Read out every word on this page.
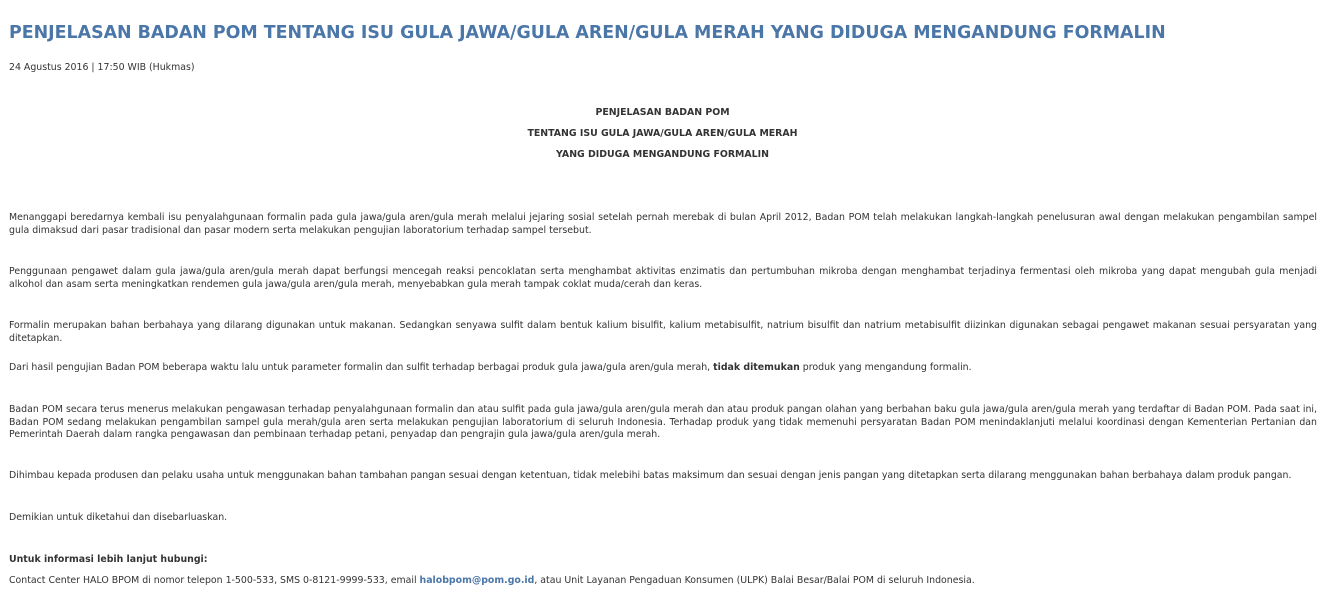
PENJELASAN BADAN POM TENTANG ISU GULA JAWA/GULA AREN/GULA MERAH YANG DIDUGA MENGANDUNG FORMALIN
24 Agustus 2016 | 17:50 WIB (Hukmas)
PENJELASAN BADAN POM
TENTANG ISU GULA JAWA/GULA AREN/GULA MERAH
YANG DIDUGA MENGANDUNG FORMALIN

Menanggapi beredarnya kembali isu penyalahgunaan formalin pada gula jawa/gula aren/gula merah melalui jejaring sosial setelah pernah merebak di bulan April 2012, Badan POM telah melakukan langkah-langkah penelusuran awal dengan melakukan pengambilan sampel gula dimaksud dari pasar tradisional dan pasar modern serta melakukan pengujian laboratorium terhadap sampel tersebut.

Penggunaan pengawet dalam gula jawa/gula aren/gula merah dapat berfungsi mencegah reaksi pencoklatan serta menghambat aktivitas enzimatis dan pertumbuhan mikroba dengan menghambat terjadinya fermentasi oleh mikroba yang dapat mengubah gula menjadi alkohol dan asam serta meningkatkan rendemen gula jawa/gula aren/gula merah, menyebabkan gula merah tampak coklat muda/cerah dan keras.

Formalin merupakan bahan berbahaya yang dilarang digunakan untuk makanan. Sedangkan senyawa sulfit dalam bentuk kalium bisulfit, kalium metabisulfit, natrium bisulfit dan natrium metabisulfit diizinkan digunakan sebagai pengawet makanan sesuai persyaratan yang ditetapkan.

Dari hasil pengujian Badan POM beberapa waktu lalu untuk parameter formalin dan sulfit terhadap berbagai produk gula jawa/gula aren/gula merah, tidak ditemukan produk yang mengandung formalin.

Badan POM secara terus menerus melakukan pengawasan terhadap penyalahgunaan formalin dan atau sulfit pada gula jawa/gula aren/gula merah dan atau produk pangan olahan yang berbahan baku gula jawa/gula aren/gula merah yang terdaftar di Badan POM. Pada saat ini, Badan POM sedang melakukan pengambilan sampel gula merah/gula aren serta melakukan pengujian laboratorium di seluruh Indonesia. Terhadap produk yang tidak memenuhi persyaratan Badan POM menindaklanjuti melalui koordinasi dengan Kementerian Pertanian dan Pemerintah Daerah dalam rangka pengawasan dan pembinaan terhadap petani, penyadap dan pengrajin gula jawa/gula aren/gula merah.

Dihimbau kepada produsen dan pelaku usaha untuk menggunakan bahan tambahan pangan sesuai dengan ketentuan, tidak melebihi batas maksimum dan sesuai dengan jenis pangan yang ditetapkan serta dilarang menggunakan bahan berbahaya dalam produk pangan.

Demikian untuk diketahui dan disebarluaskan.

Untuk informasi lebih lanjut hubungi:

Contact Center HALO BPOM di nomor telepon 1-500-533, SMS 0-8121-9999-533, email halobpom@pom.go.id, atau Unit Layanan Pengaduan Konsumen (ULPK) Balai Besar/Balai POM di seluruh Indonesia.
